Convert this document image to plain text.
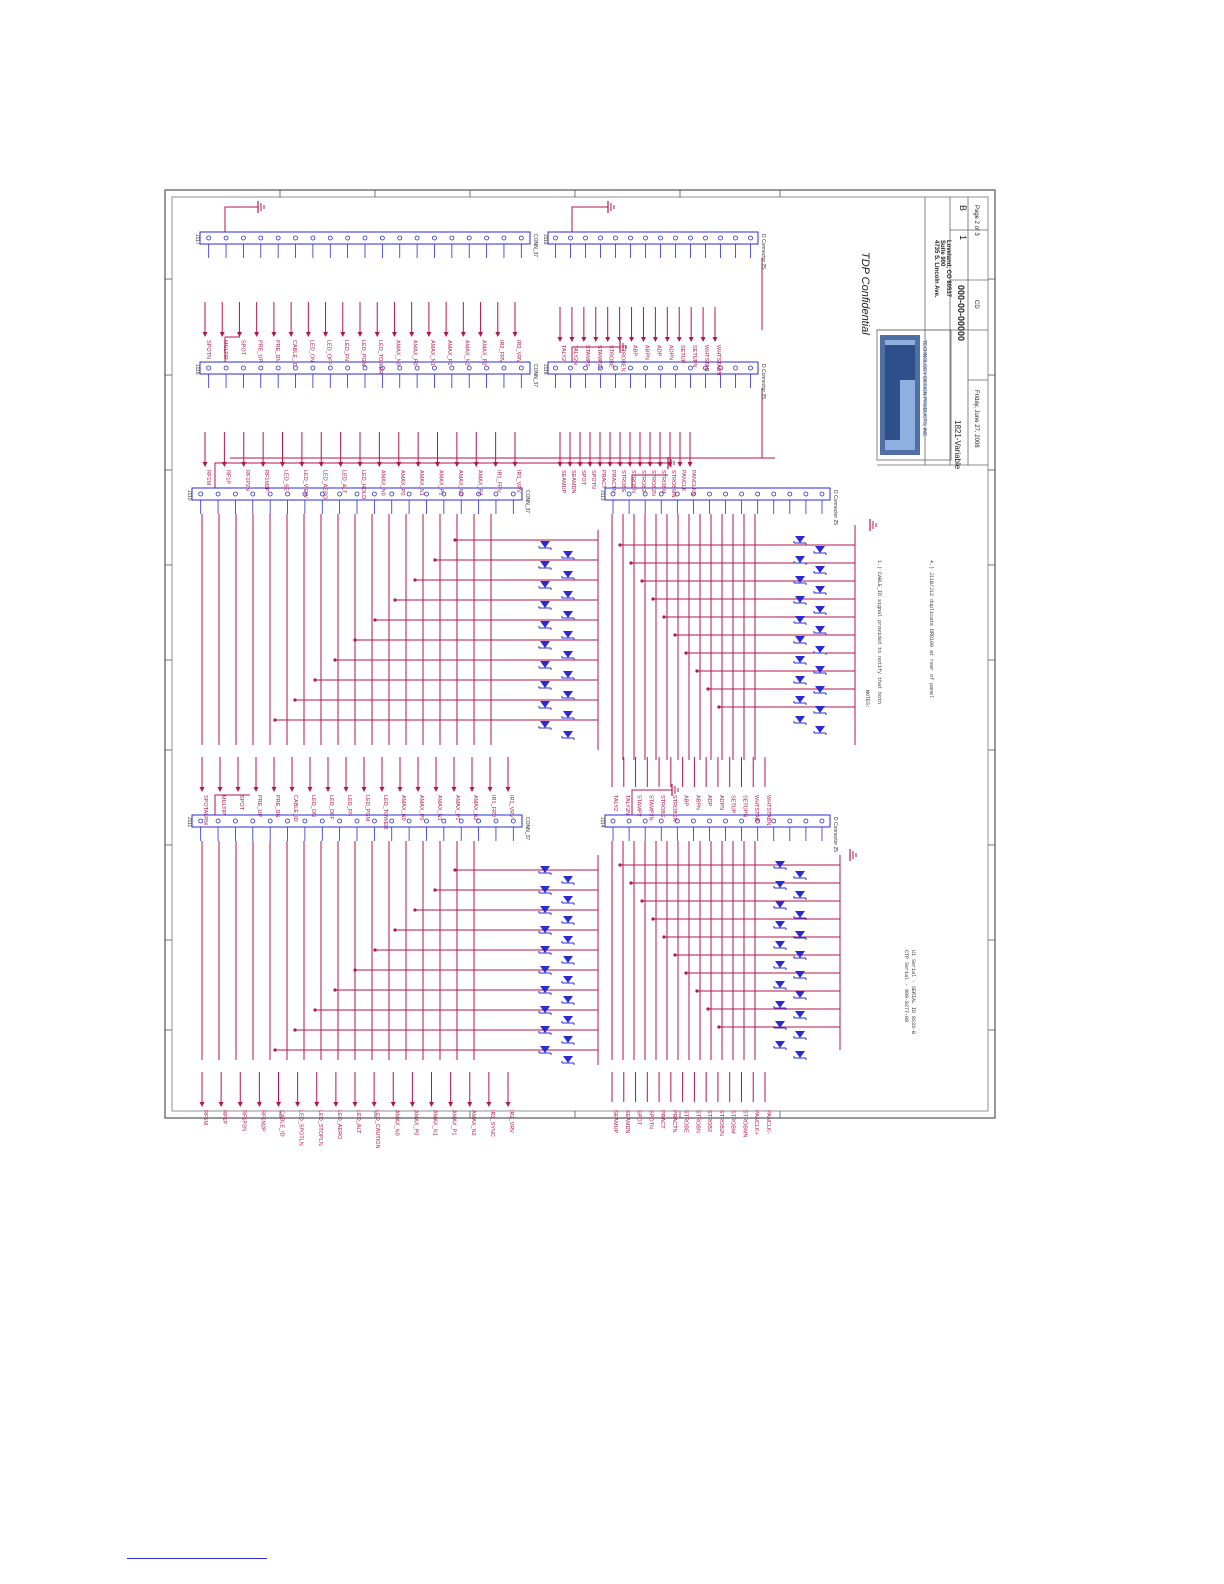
J117	CONN_37
J116	CONN_37
J119	D Connector 25
J118	D Connector 25
J110	CONN_37	J113	D Connector 25
J111	CONN_37	J114	D Connector 25
SPOTN MULTIP SPOT PRE_UP PRE_DN CABLE_ID LED_ON LED_OFF LED_FN LED_PGM LED_TOWER AMAX_N0 AMAX_P0 AMAX_N1 AMAX_P1 AMAX_N2 AMAX_P2 IR2_FRV IR2_VRV
RF1M RF1P RF1P2N RF1M2P LED_SE LED_VIEW LED_AERO LED_ALT LED_HOLD AMAX_N0 AMAX_P0 AMAX_N1 AMAX_P1 AMAX_N2 AMAX_P2 IR1_FRV IR1_VRV
TALY2 TALY2N STAMP2 STAMP2N STROBE STROBEN ABP ABPN ADP ADPN SETUP SETUPN WHTSTAB WHTSTABN
SEAMUP SEAMDN SPOT SPOTN PRACT PRACTN STROBE STROBN STROB2 STROB2N STROBM STROBMN PANCLK PANCLKN
SPOTALRM MULTIP SPOT PRE_UP PRE_DN CABLE_ID LED_ON LED_OFF LED_FN LED_PGM LED_TOWER AMAX_N0 AMAX_P0 AMAX_N1 AMAX_P1 AMAX_N2 IR1_FRV IR1_VRV	TALY2 TALY2N STAMP2 STAMP2N STROBE STROBEN ABP ABPN ADP ADPN SETUP SETUPN WHTSTAB WHTSTABN
RF1M RF1P RF1P2N RF1M2P CABLE_ID LED_SPOTLN LED_STOPLN LED_AERO LED_ALT LED_CAUTION AMAX_N0 AMAX_P0 AMAX_N1 AMAX_P1 AMAX_N2 IR2_SYNC IR2_VRV	SEAMUP SEAMDN SPOT SPOTN PRACT PRACTN STROBE STROBN STROB2 STROB2N STROBM STROBMN PANCLK+ PANCLK-
TDP Confidential
1821-Variable
000-00-00000
B
1
Friday, June 27, 2008
CD
Page 2 of 3
4735 S. Lincoln Ave. Suite 900 Loveland, CO 80537
TECHNOLOGY DESIGN PRODUCTS, INC
NOTES: 1.) CABLE_ID signal provided to notify that both	4.) J11B/J12 duplicate DRD100 at rear of panel
CTP Serial - 999-0277-08 UI Serial - SERIAL ID 0233-B
